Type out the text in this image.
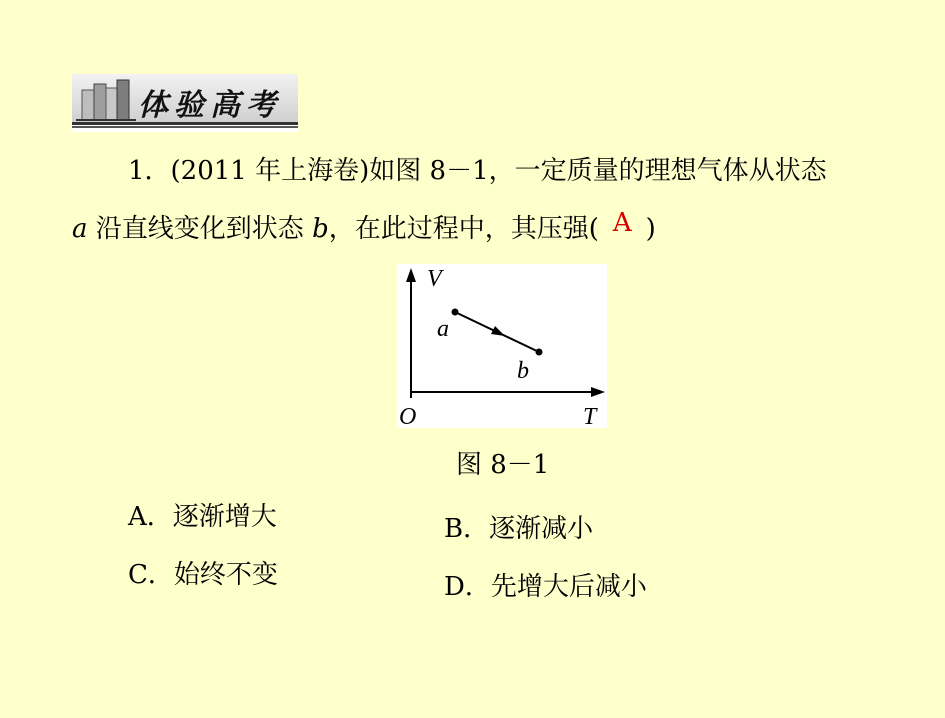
体验高考
1．(2011 年上海卷)如图 8－1，一定质量的理想气体从状态
a 沿直线变化到状态 b，在此过程中，其压强( A )
V
T
O
a
b
图 8－1
A．逐渐增大	B．逐渐减小
C．始终不变	D．先增大后减小
